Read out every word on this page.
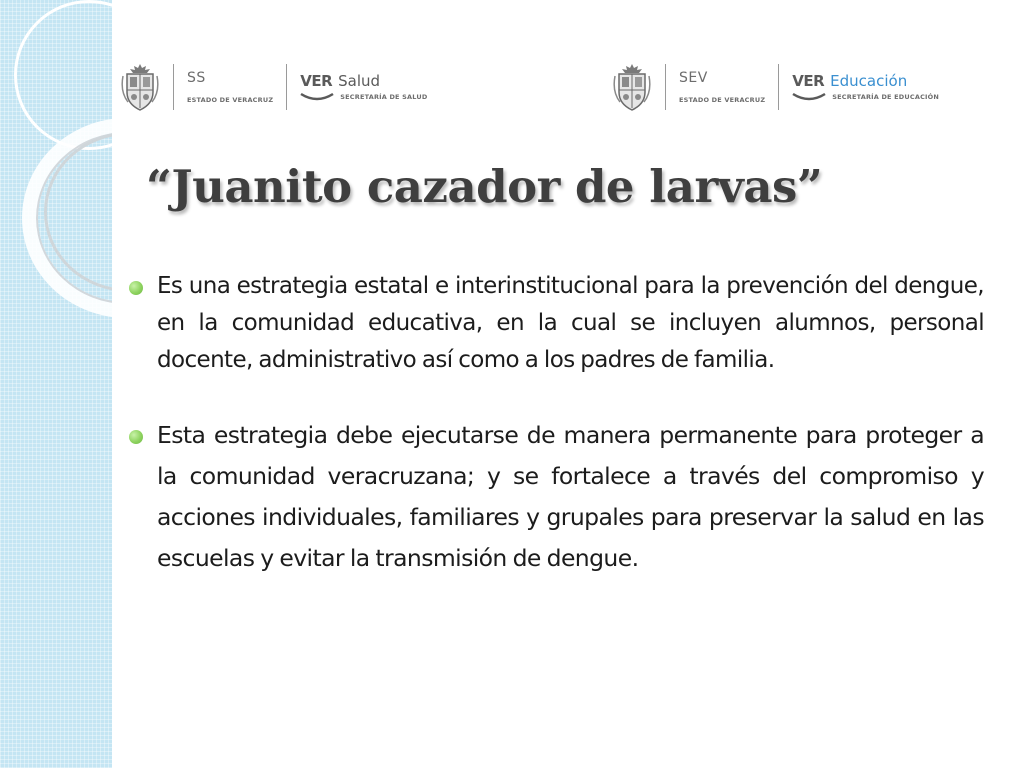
SS
ESTADO DE VERACRUZ
VER Salud
SECRETARÍA DE SALUD
SEV
ESTADO DE VERACRUZ
VER Educación
SECRETARÍA DE EDUCACIÓN
“Juanito cazador de larvas”
Es una estrategia estatal e interinstitucional para la prevención del dengue, en la comunidad educativa, en la cual se incluyen alumnos, personal docente, administrativo así como a los padres de familia.
Esta estrategia debe ejecutarse de manera permanente para proteger a la comunidad veracruzana; y se fortalece a través del compromiso y acciones individuales, familiares y grupales para preservar la salud en las escuelas y evitar la transmisión de dengue.
